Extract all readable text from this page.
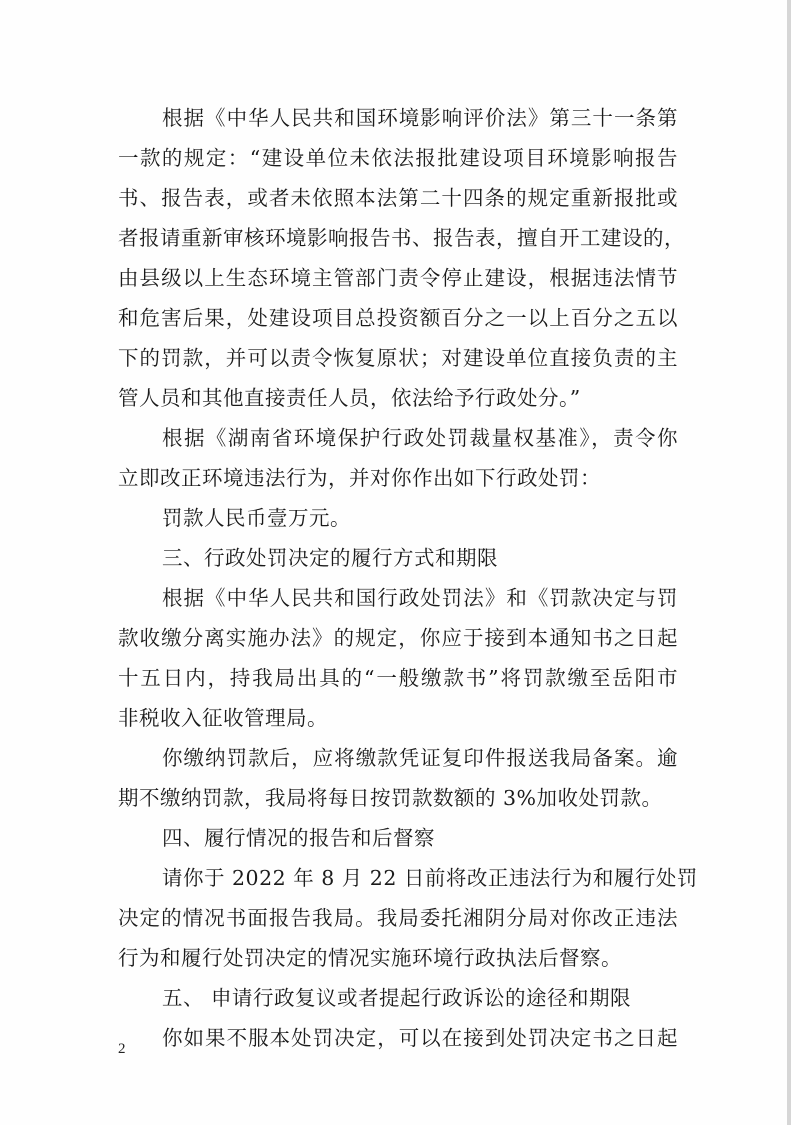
根据《中华人民共和国环境影响评价法》第三十一条第
一款的规定：“建设单位未依法报批建设项目环境影响报告
书、报告表，或者未依照本法第二十四条的规定重新报批或
者报请重新审核环境影响报告书、报告表，擅自开工建设的，
由县级以上生态环境主管部门责令停止建设，根据违法情节
和危害后果，处建设项目总投资额百分之一以上百分之五以
下的罚款，并可以责令恢复原状；对建设单位直接负责的主
管人员和其他直接责任人员，依法给予行政处分。”
根据《湖南省环境保护行政处罚裁量权基准》，责令你
立即改正环境违法行为，并对你作出如下行政处罚：
罚款人民币壹万元。
三、行政处罚决定的履行方式和期限
根据《中华人民共和国行政处罚法》和《罚款决定与罚
款收缴分离实施办法》的规定，你应于接到本通知书之日起
十五日内，持我局出具的“一般缴款书”将罚款缴至岳阳市
非税收入征收管理局。
你缴纳罚款后，应将缴款凭证复印件报送我局备案。逾
期不缴纳罚款，我局将每日按罚款数额的 3%加收处罚款。
四、履行情况的报告和后督察
请你于 2022 年 8 月 22 日前将改正违法行为和履行处罚
决定的情况书面报告我局。我局委托湘阴分局对你改正违法
行为和履行处罚决定的情况实施环境行政执法后督察。
五、 申请行政复议或者提起行政诉讼的途径和期限
你如果不服本处罚决定，可以在接到处罚决定书之日起
2
